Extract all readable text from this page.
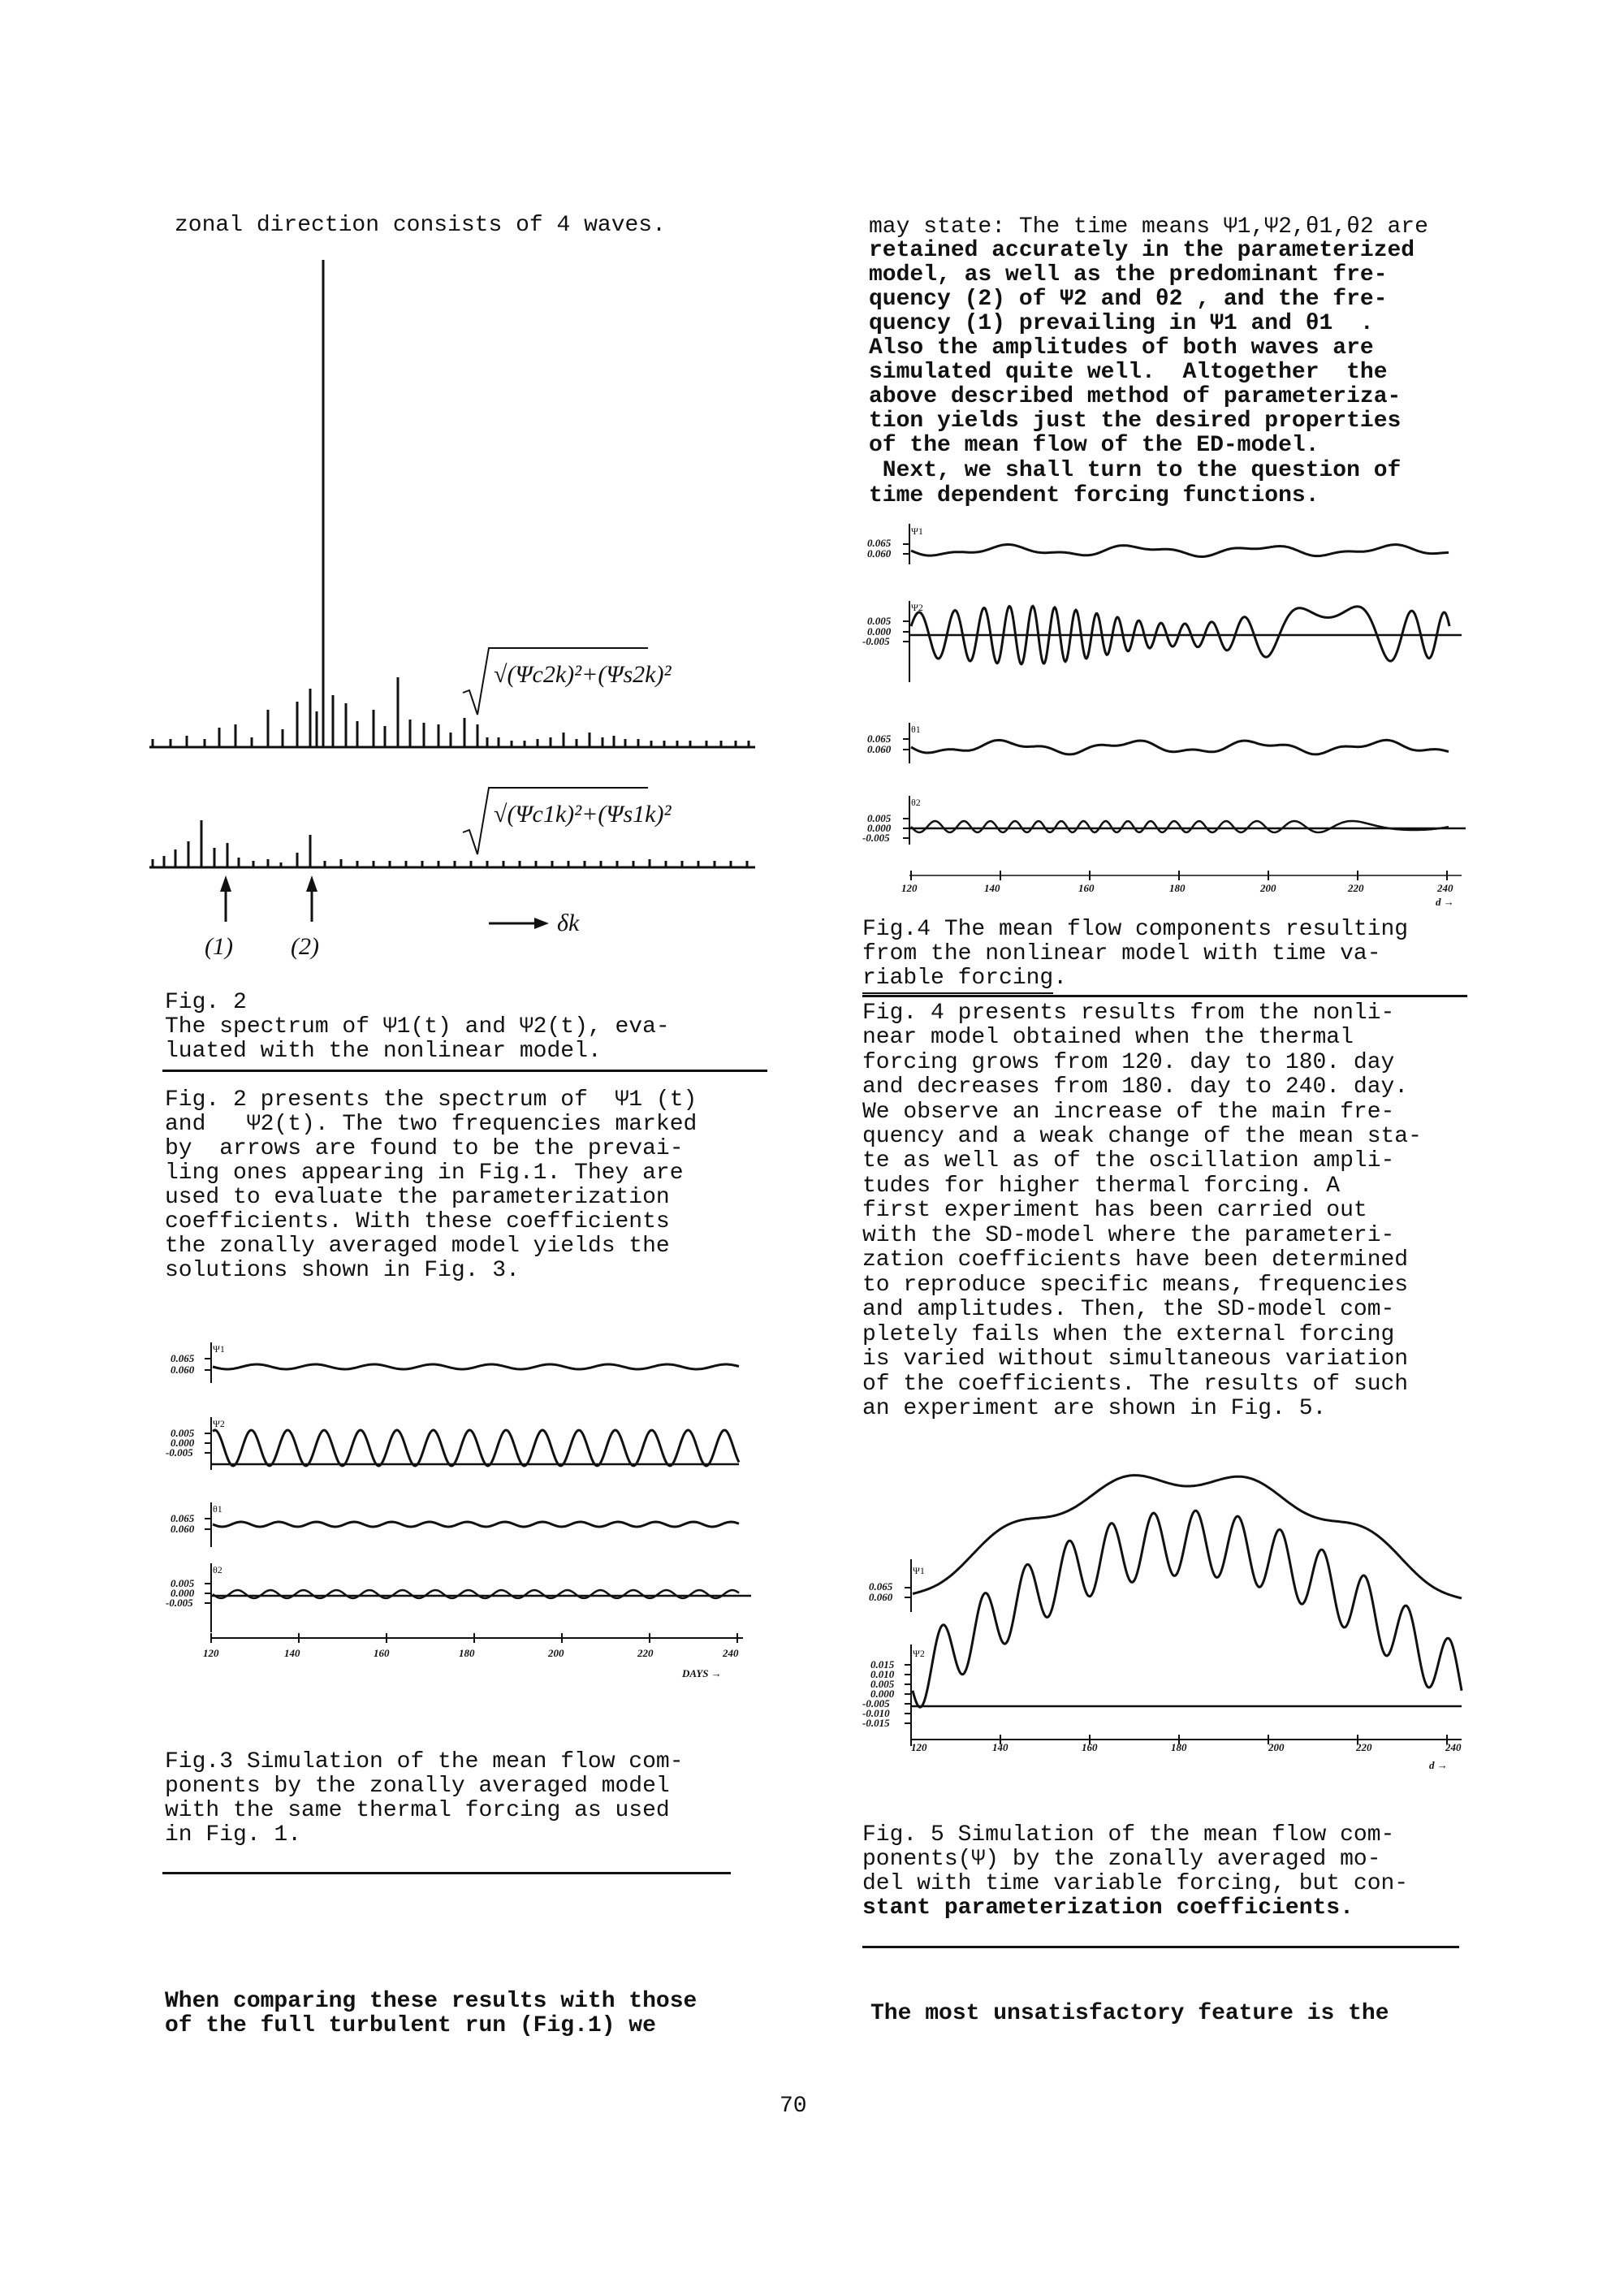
zonal direction consists of 4 waves.
√(Ψc2k)²+(Ψs2k)²
√(Ψc1k)²+(Ψs1k)²
(1) (2)
δk
Fig. 2
The spectrum of Ψ1(t) and Ψ2(t), eva-
luated with the nonlinear model.
Fig. 2 presents the spectrum of  Ψ1 (t)
and   Ψ2(t). The two frequencies marked
by  arrows are found to be the prevai-
ling ones appearing in Fig.1. They are
used to evaluate the parameterization
coefficients. With these coefficients
the zonally averaged model yields the
solutions shown in Fig. 3.
Ψ1
Ψ2
θ1
θ2
0.065
0.060
0.005
0.000
-0.005
0.065
0.060
0.005
0.000
-0.005
120	140	160	180	200	220	240
DAYS →
Fig.3 Simulation of the mean flow com-
ponents by the zonally averaged model
with the same thermal forcing as used
in Fig. 1.
When comparing these results with those
of the full turbulent run (Fig.1) we
may state: The time means Ψ1,Ψ2,θ1,θ2 are
retained accurately in the parameterized
model, as well as the predominant fre-
quency (2) of Ψ2 and θ2 , and the fre-
quency (1) prevailing in Ψ1 and θ1  .
Also the amplitudes of both waves are
simulated quite well.  Altogether  the
above described method of parameteriza-
tion yields just the desired properties
of the mean flow of the ED-model.
Next, we shall turn to the question of
time dependent forcing functions.
Ψ1
Ψ2
θ1
θ2
0.065
0.060
0.005
0.000
-0.005
0.065
0.060
0.005
0.000
-0.005
120	140	160	180	200	220	240
d →
Fig.4 The mean flow components resulting
from the nonlinear model with time va-
riable forcing.
Fig. 4 presents results from the nonli-
near model obtained when the thermal
forcing grows from 120. day to 180. day
and decreases from 180. day to 240. day.
We observe an increase of the main fre-
quency and a weak change of the mean sta-
te as well as of the oscillation ampli-
tudes for higher thermal forcing. A
first experiment has been carried out
with the SD-model where the parameteri-
zation coefficients have been determined
to reproduce specific means, frequencies
and amplitudes. Then, the SD-model com-
pletely fails when the external forcing
is varied without simultaneous variation
of the coefficients. The results of such
an experiment are shown in Fig. 5.
Ψ1
Ψ2
0.065
0.060
0.015
0.010
0.005
0.000
-0.005
-0.010
-0.015
120	140	160	180	200	220	240
d →
Fig. 5 Simulation of the mean flow com-
ponents(Ψ) by the zonally averaged mo-
del with time variable forcing, but con-
stant parameterization coefficients.
The most unsatisfactory feature is the
70
